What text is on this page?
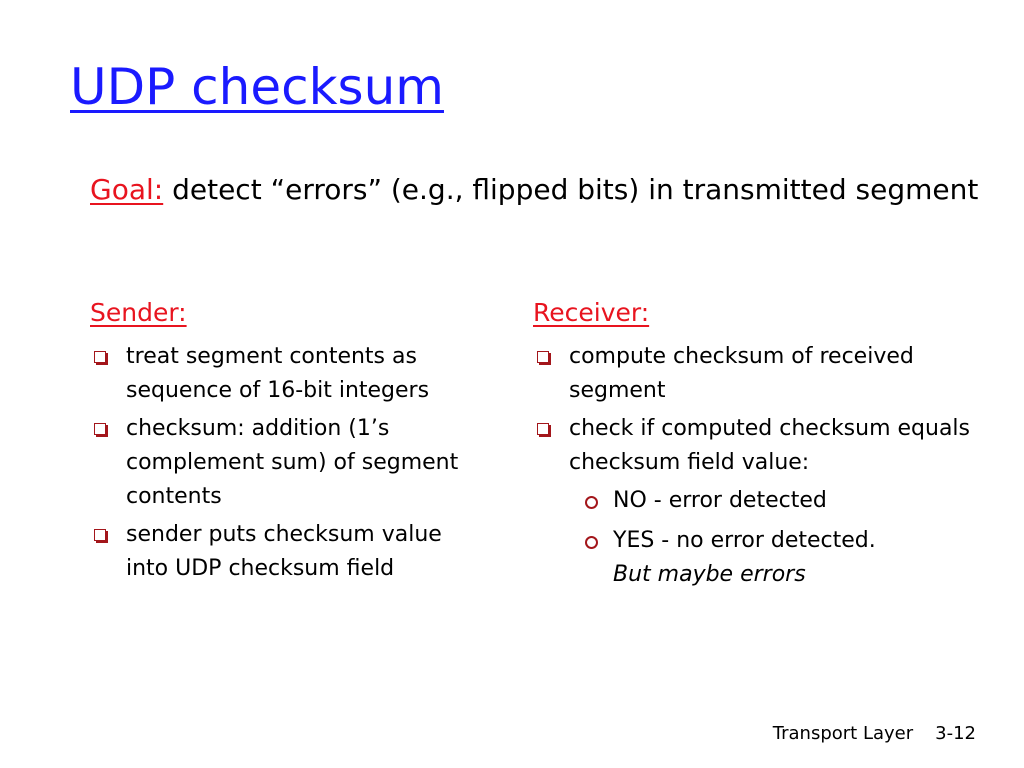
UDP checksum
Goal: detect “errors” (e.g., flipped bits) in transmitted segment
Sender:
treat segment contents as sequence of 16-bit integers
checksum: addition (1’s complement sum) of segment contents
sender puts checksum value into UDP checksum field
Receiver:
compute checksum of received segment
check if computed checksum equals checksum field value:
NO - error detected
YES - no error detected.
But maybe errors
Transport Layer 3-12
